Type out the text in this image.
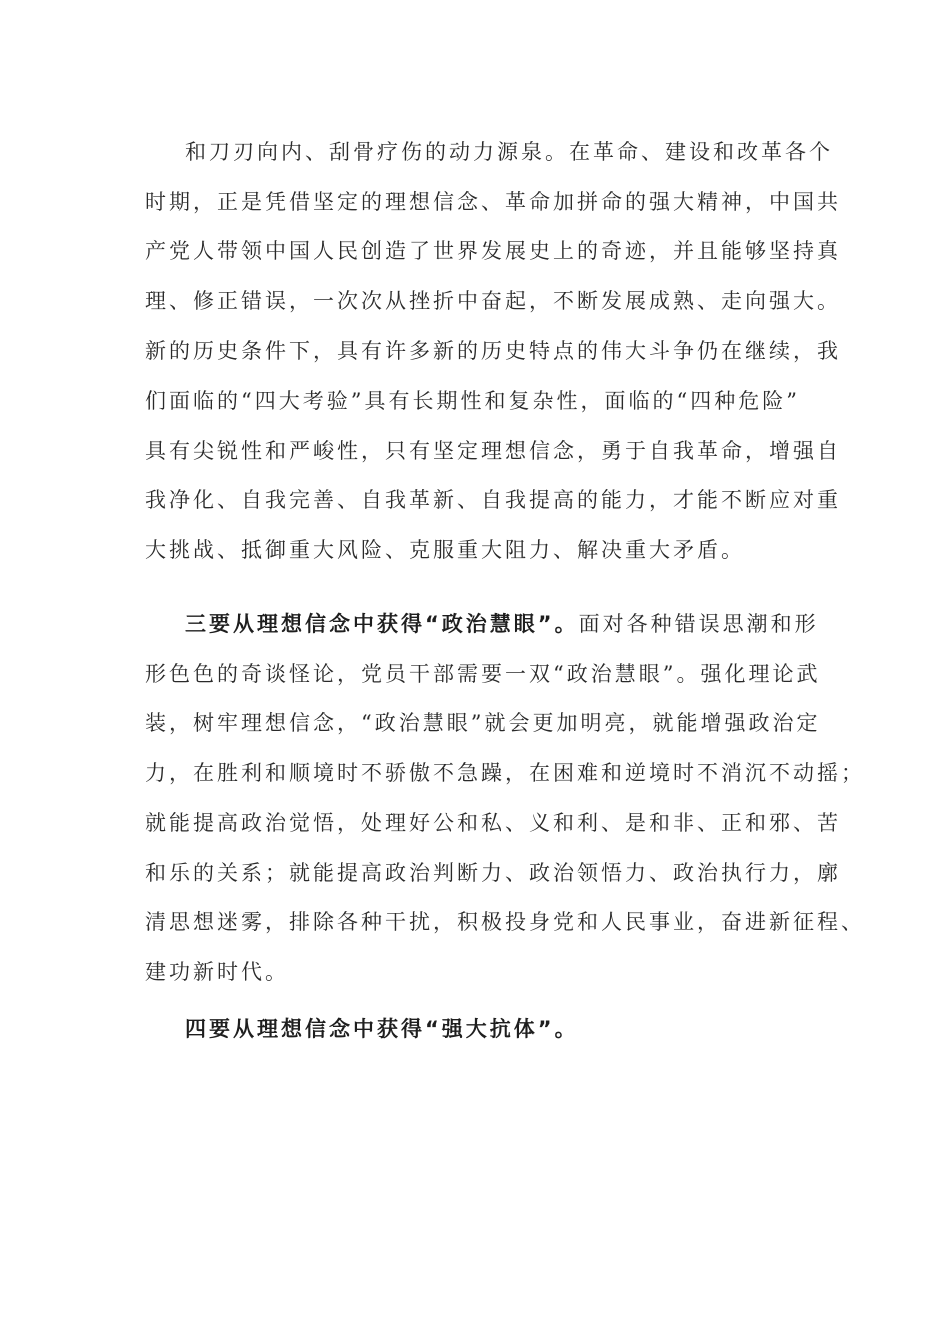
和刀刃向内、刮骨疗伤的动力源泉。在革命、建设和改革各个

时期，正是凭借坚定的理想信念、革命加拼命的强大精神，中国共

产党人带领中国人民创造了世界发展史上的奇迹，并且能够坚持真

理、修正错误，一次次从挫折中奋起，不断发展成熟、走向强大。

新的历史条件下，具有许多新的历史特点的伟大斗争仍在继续，我

们面临的“四大考验”具有长期性和复杂性，面临的“四种危险”

具有尖锐性和严峻性，只有坚定理想信念，勇于自我革命，增强自

我净化、自我完善、自我革新、自我提高的能力，才能不断应对重

大挑战、抵御重大风险、克服重大阻力、解决重大矛盾。

三要从理想信念中获得“政治慧眼”。面对各种错误思潮和形

形色色的奇谈怪论，党员干部需要一双“政治慧眼”。强化理论武

装，树牢理想信念，“政治慧眼”就会更加明亮，就能增强政治定

力，在胜利和顺境时不骄傲不急躁，在困难和逆境时不消沉不动摇；

就能提高政治觉悟，处理好公和私、义和利、是和非、正和邪、苦

和乐的关系；就能提高政治判断力、政治领悟力、政治执行力，廓

清思想迷雾，排除各种干扰，积极投身党和人民事业，奋进新征程、

建功新时代。

四要从理想信念中获得“强大抗体”。
